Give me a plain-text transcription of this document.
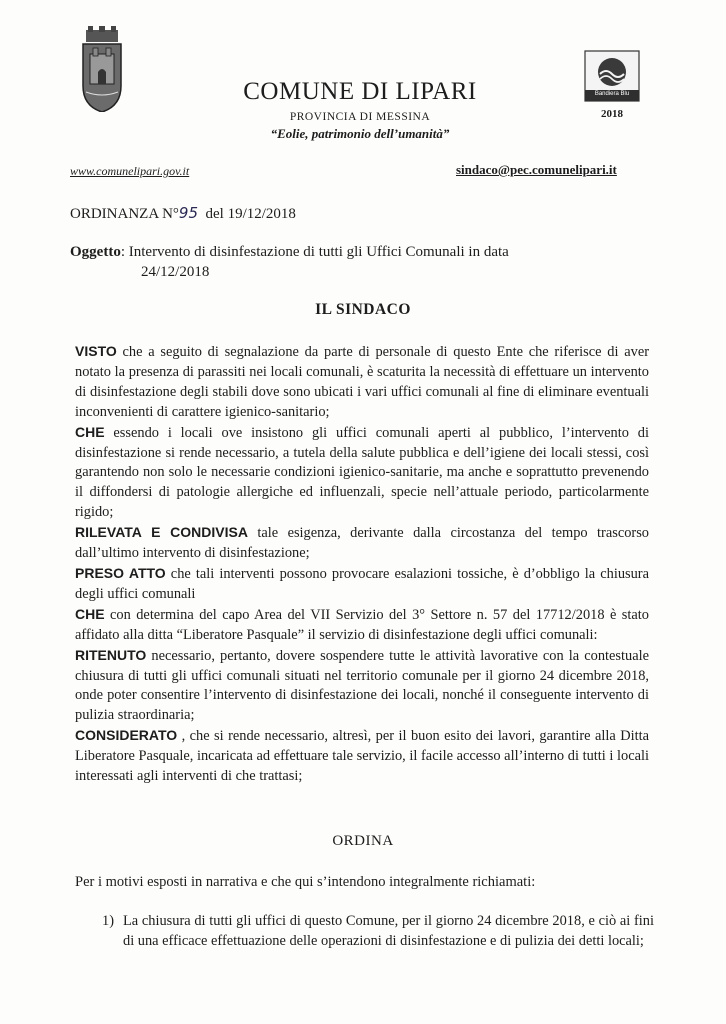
Bandiera Blu
2018
COMUNE DI LIPARI
PROVINCIA DI MESSINA
“Eolie, patrimonio dell’umanità”
www.comunelipari.gov.it	sindaco@pec.comunelipari.it
ORDINANZA N°95 del 19/12/2018
Oggetto: Intervento di disinfestazione di tutti gli Uffici Comunali in data
24/12/2018
IL SINDACO

VISTO che a seguito di segnalazione da parte di personale di questo Ente che riferisce di aver notato la presenza di parassiti nei locali comunali, è scaturita la necessità di effettuare un intervento di disinfestazione degli stabili dove sono ubicati i vari uffici comunali al fine di eliminare eventuali inconvenienti di carattere igienico-sanitario;

CHE essendo i locali ove insistono gli uffici comunali aperti al pubblico, l’intervento di disinfestazione si rende necessario, a tutela della salute pubblica e dell’igiene dei locali stessi, così garantendo non solo le necessarie condizioni igienico-sanitarie, ma anche e soprattutto prevenendo il diffondersi di patologie allergiche ed influenzali, specie nell’attuale periodo, particolarmente rigido;

RILEVATA E CONDIVISA tale esigenza, derivante dalla circostanza del tempo trascorso dall’ultimo intervento di disinfestazione;

PRESO ATTO che tali interventi possono provocare esalazioni tossiche, è d’obbligo la chiusura degli uffici comunali

CHE con determina del capo Area del VII Servizio del 3° Settore n. 57 del 17712/2018 è stato affidato alla ditta “Liberatore Pasquale” il servizio di disinfestazione degli uffici comunali:

RITENUTO necessario, pertanto, dovere sospendere tutte le attività lavorative con la contestuale chiusura di tutti gli uffici comunali situati nel territorio comunale per il giorno 24 dicembre 2018, onde poter consentire l’intervento di disinfestazione dei locali, nonché il conseguente intervento di pulizia straordinaria;

CONSIDERATO , che si rende necessario, altresì, per il buon esito dei lavori, garantire alla Ditta Liberatore Pasquale, incaricata ad effettuare tale servizio, il facile accesso all’interno di tutti i locali interessati agli interventi di che trattasi;

ORDINA
Per i motivi esposti in narrativa e che qui s’intendono integralmente richiamati:
1) La chiusura di tutti gli uffici di questo Comune, per il giorno 24 dicembre 2018, e ciò ai fini di una efficace effettuazione delle operazioni di disinfestazione e di pulizia dei detti locali;
